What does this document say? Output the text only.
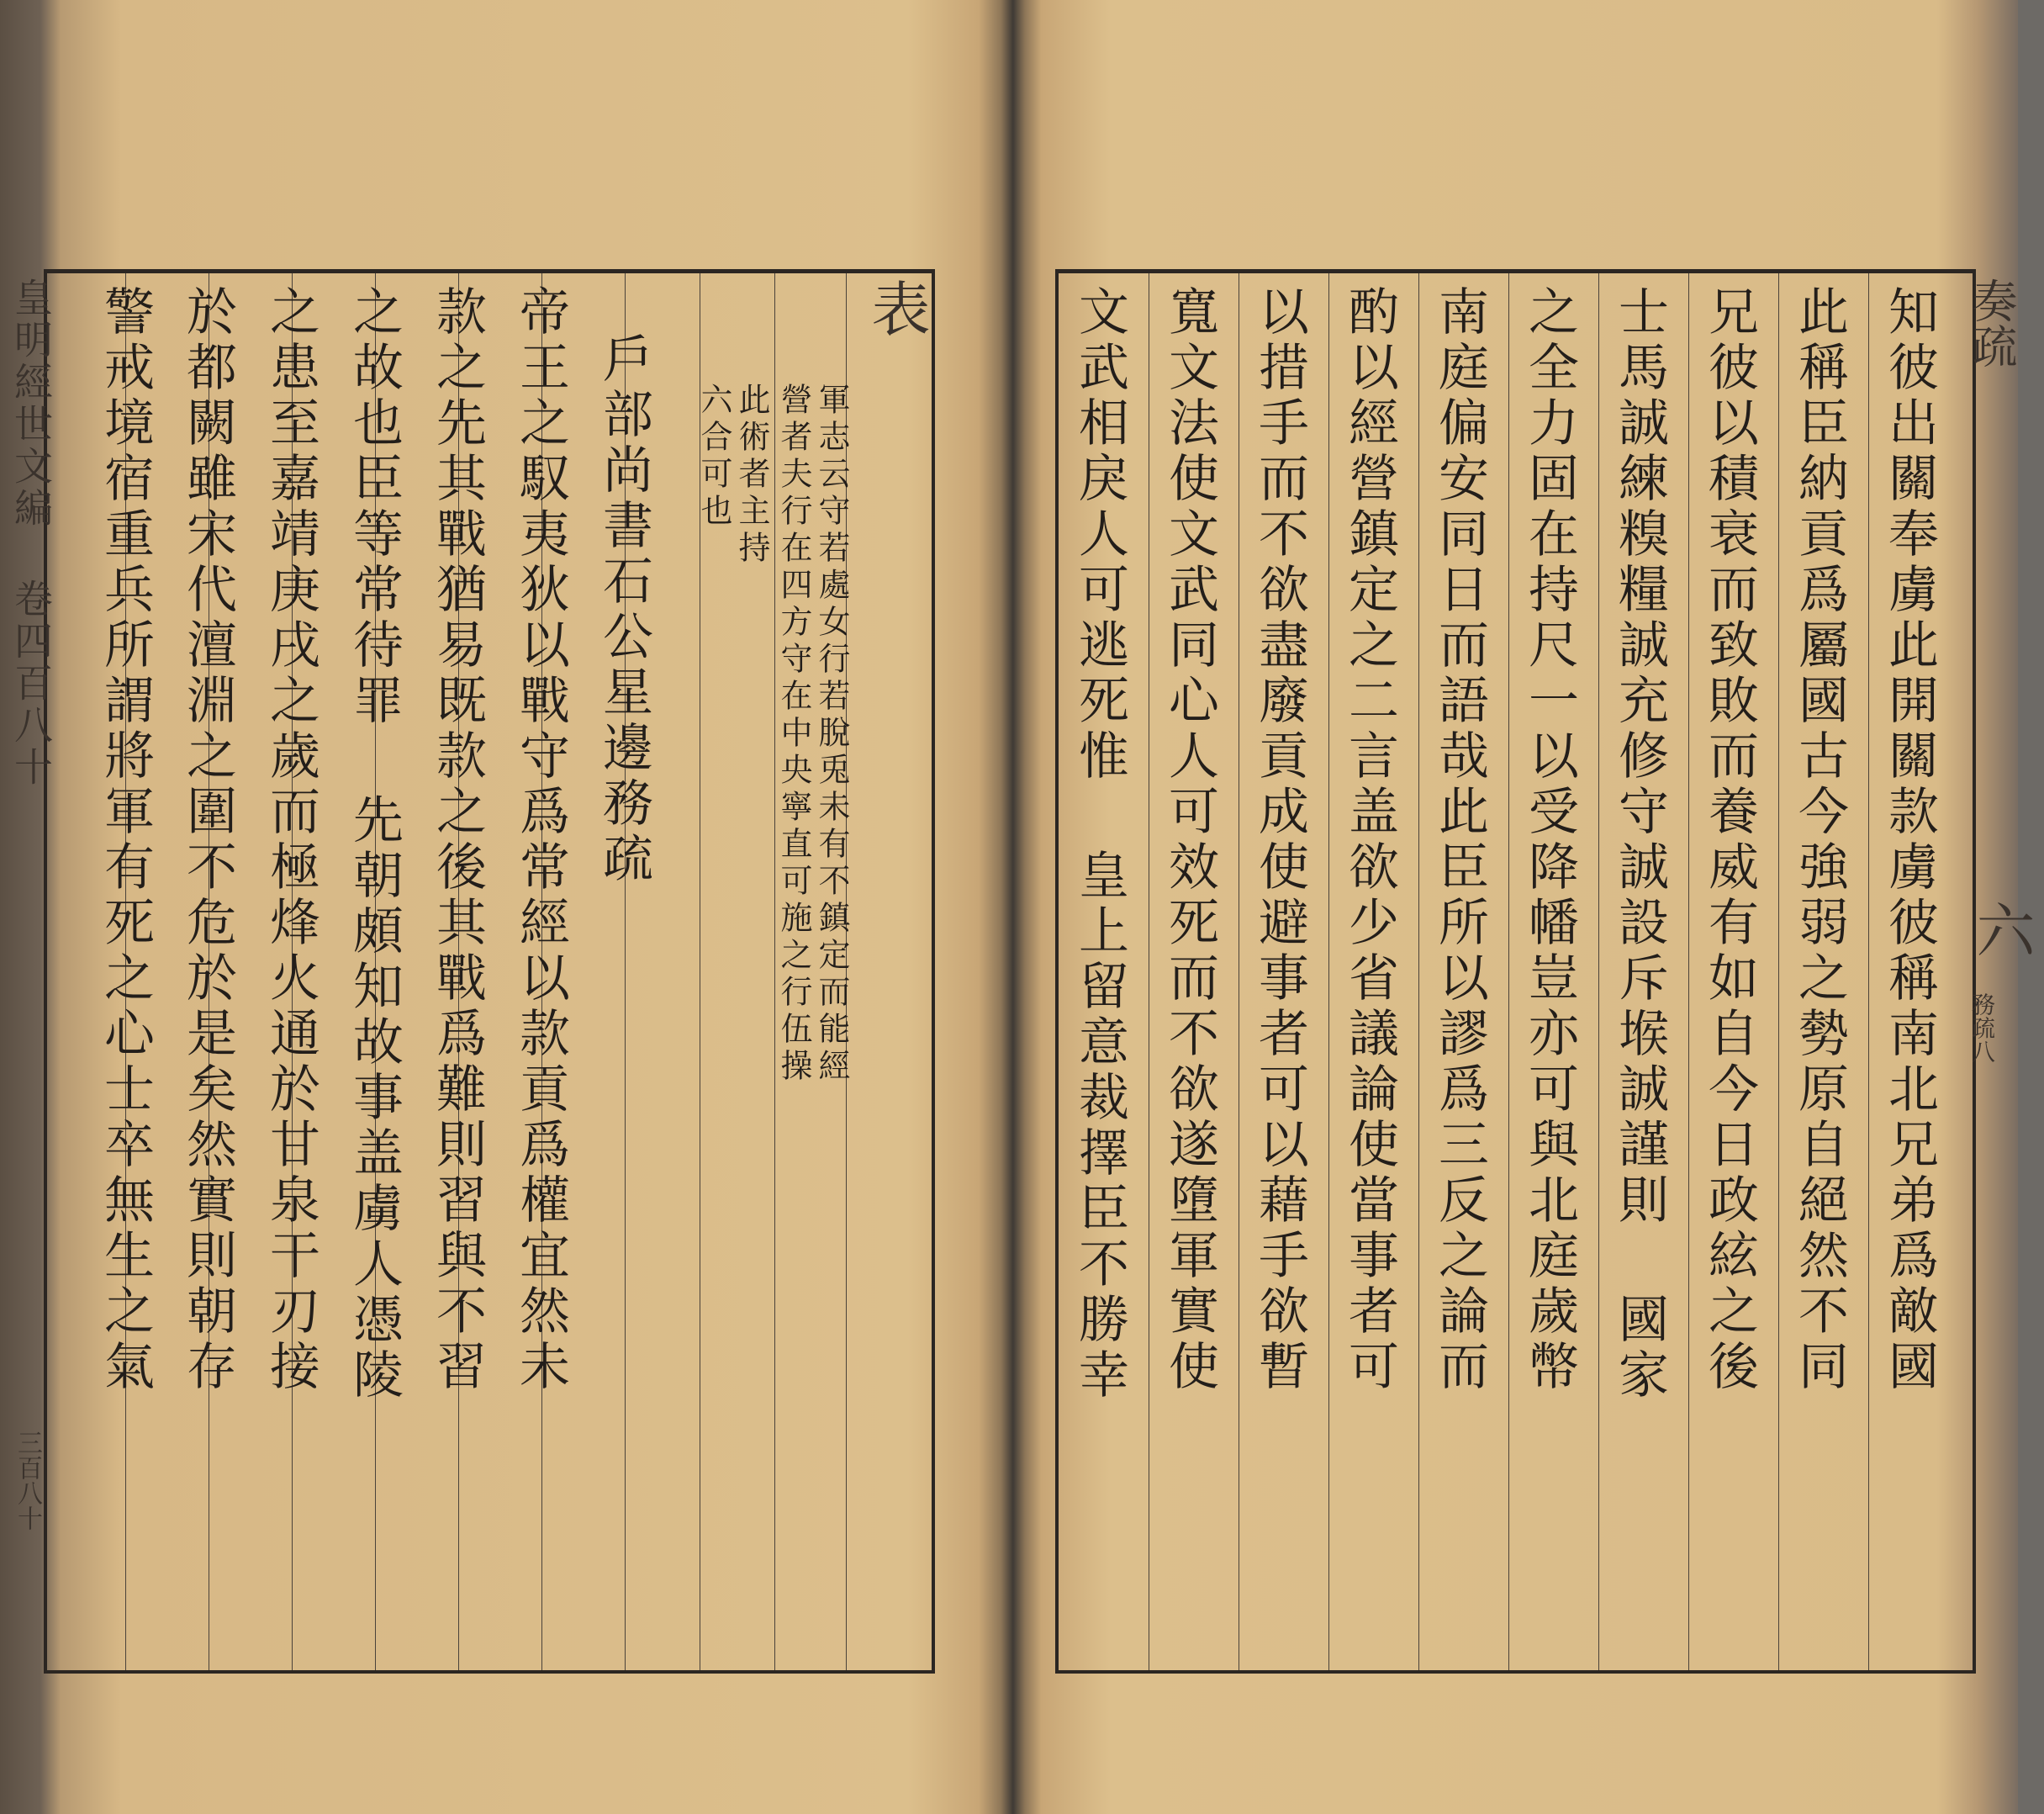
警戒境宿重兵所謂將軍有死之心士卒無生之氣 於都闕雖宋代澶淵之圍不危於是矣然實則朝存 之患至嘉靖庚戌之歲而極烽火通於甘泉干刃接 之故也臣等常待罪 先朝頗知故事盖虜人憑陵 款之先其戰猶易既款之後其戰爲難則習與不習 帝王之馭夷狄以戰守爲常經以款貢爲權宜然未 戶部尚書石公星邊務疏 六合可也 此術者主持 營者夫行在四方守在中央寧直可施之行伍操 軍志云守若處女行若脫兎未有不鎮定而能經
表
皇明經世文編 卷四百八十
三百八十
文武相戾人可逃死惟 皇上留意裁擇臣不勝幸 寬文法使文武同心人可效死而不欲遂墮軍實使 以措手而不欲盡廢貢成使避事者可以藉手欲暫 酌以經營鎮定之二言盖欲少省議論使當事者可 南庭偏安同日而語哉此臣所以謬爲三反之論而 之全力固在持尺一以受降幡豈亦可與北庭歲幣 士馬誠練糗糧誠充修守誠設斥堠誠謹則 國家 兄彼以積衰而致敗而養威有如自今日政絃之後 此稱臣納貢爲屬國古今強弱之勢原自絕然不同 知彼出關奉虜此開關款虜彼稱南北兄弟爲敵國 奏疏
六
務疏八
